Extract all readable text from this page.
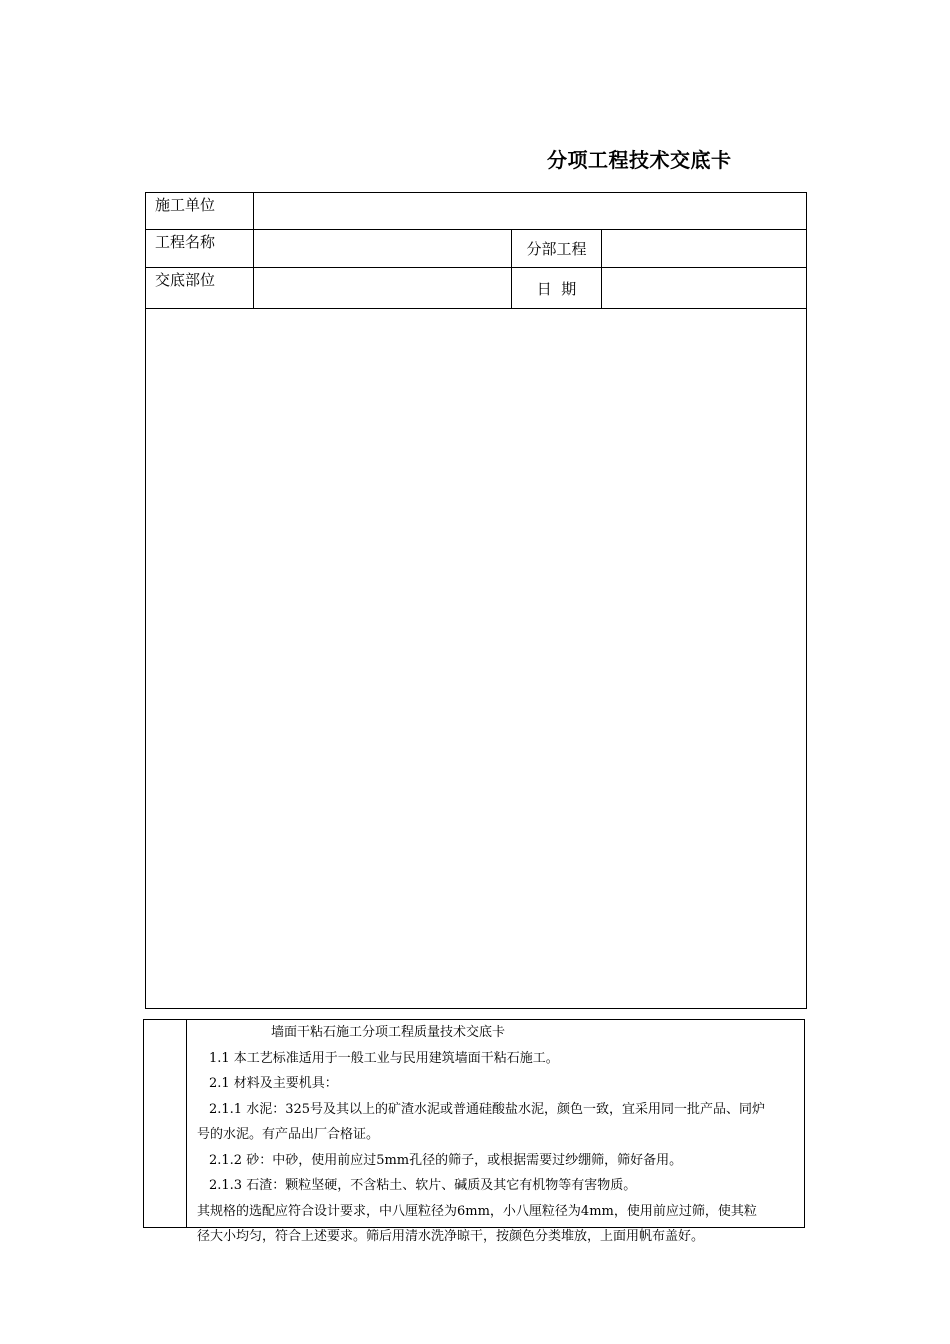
分项工程技术交底卡
施工单位			
工程名称		分部工程	
交底部位		日  期	

墙面干粘石施工分项工程质量技术交底卡

1.1 本工艺标准适用于一般工业与民用建筑墙面干粘石施工。

2.1 材料及主要机具：

2.1.1 水泥：325号及其以上的矿渣水泥或普通硅酸盐水泥，颜色一致，宜采用同一批产品、同炉

号的水泥。有产品出厂合格证。

2.1.2 砂：中砂，使用前应过5mm孔径的筛子，或根据需要过纱绷筛，筛好备用。

2.1.3 石渣：颗粒坚硬，不含粘土、软片、碱质及其它有机物等有害物质。

其规格的选配应符合设计要求，中八厘粒径为6mm，小八厘粒径为4mm，使用前应过筛，使其粒

径大小均匀，符合上述要求。筛后用清水洗净晾干，按颜色分类堆放，上面用帆布盖好。
